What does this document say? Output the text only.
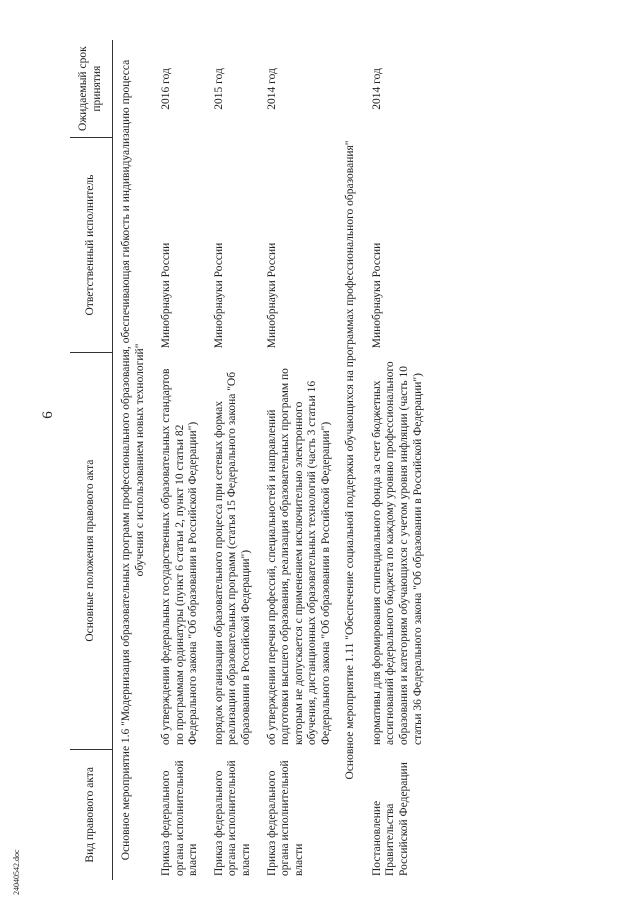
6
Вид правового акта	Основные положения правового акта	Ответственный исполнитель	Ожидаемый срок принятия
Основное мероприятие 1.6 "Модернизация образовательных программ профессионального образования, обеспечивающая гибкость и индивидуализацию процесса обучения с использованием новых технологий"			
Приказ федерального органа исполнительной власти	об утверждении федеральных государственных образовательных стандартов по программам ординатуры (пункт 6 статьи 2, пункт 10 статьи 82 Федерального закона "Об образовании в Российской Федерации")	Минобрнауки России	2016 год
Приказ федерального органа исполнительной власти	порядок организации образовательного процесса при сетевых формах реализации образовательных программ (статья 15 Федерального закона "Об образовании в Российской Федерации")	Минобрнауки России	2015 год
Приказ федерального органа исполнительной власти	об утверждении перечня профессий, специальностей и направлений подготовки высшего образования, реализация образовательных программ по которым не допускается с применением исключительно электронного обучения, дистанционных образовательных технологий (часть 3 статьи 16 Федерального закона "Об образовании в Российской Федерации")	Минобрнауки России	2014 год
Основное мероприятие 1.11 "Обеспечение социальной поддержки обучающихся на программах профессионального образования"			
Постановление Правительства Российской Федерации	нормативы для формирования стипендиального фонда за счет бюджетных ассигнований федерального бюджета по каждому уровню профессионального образования и категориям обучающихся с учетом уровня инфляции (часть 10 статьи 36 Федерального закона "Об образовании в Российской Федерации")	Минобрнауки России	2014 год
24040542.doc
